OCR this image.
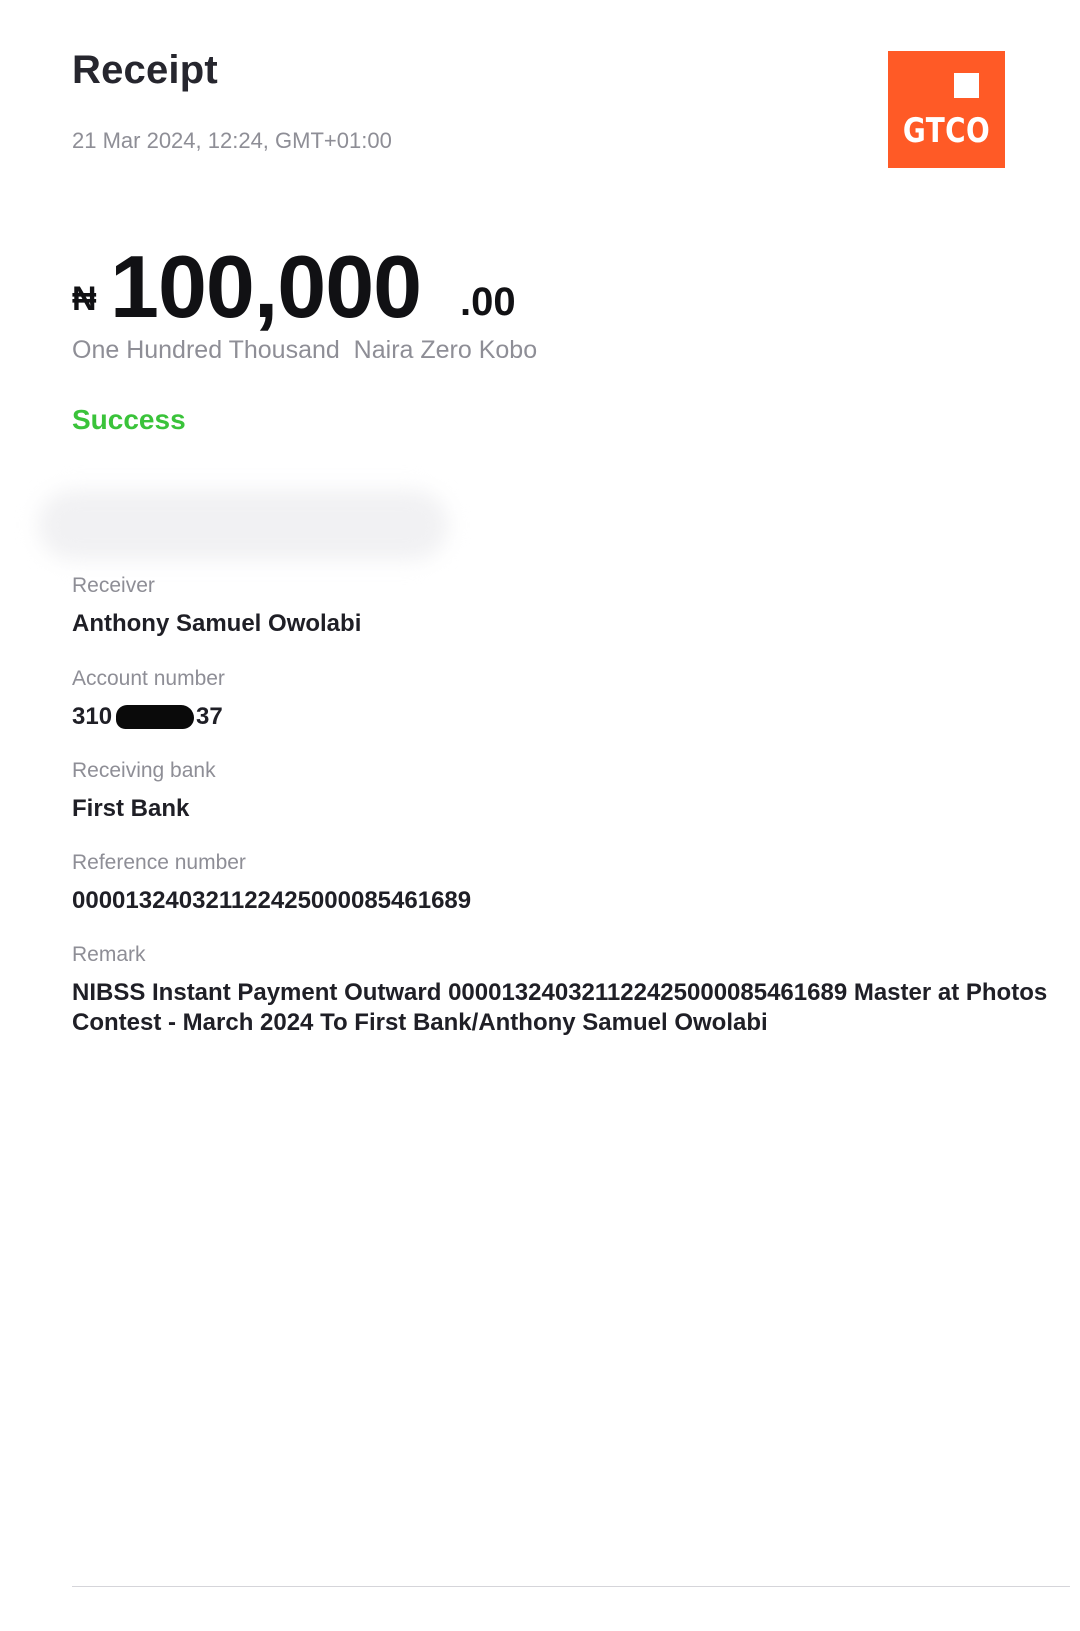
Receipt
21 Mar 2024, 12:24, GMT+01:00	GTCO
₦ 100,000 .00
One Hundred Thousand  Naira Zero Kobo
Success
Receiver
Anthony Samuel Owolabi
Account number
310	37
Receiving bank
First Bank
Reference number
000013240321122425000085461689
Remark
NIBSS Instant Payment Outward 000013240321122425000085461689 Master at Photos Contest - March 2024 To First Bank/Anthony Samuel Owolabi
